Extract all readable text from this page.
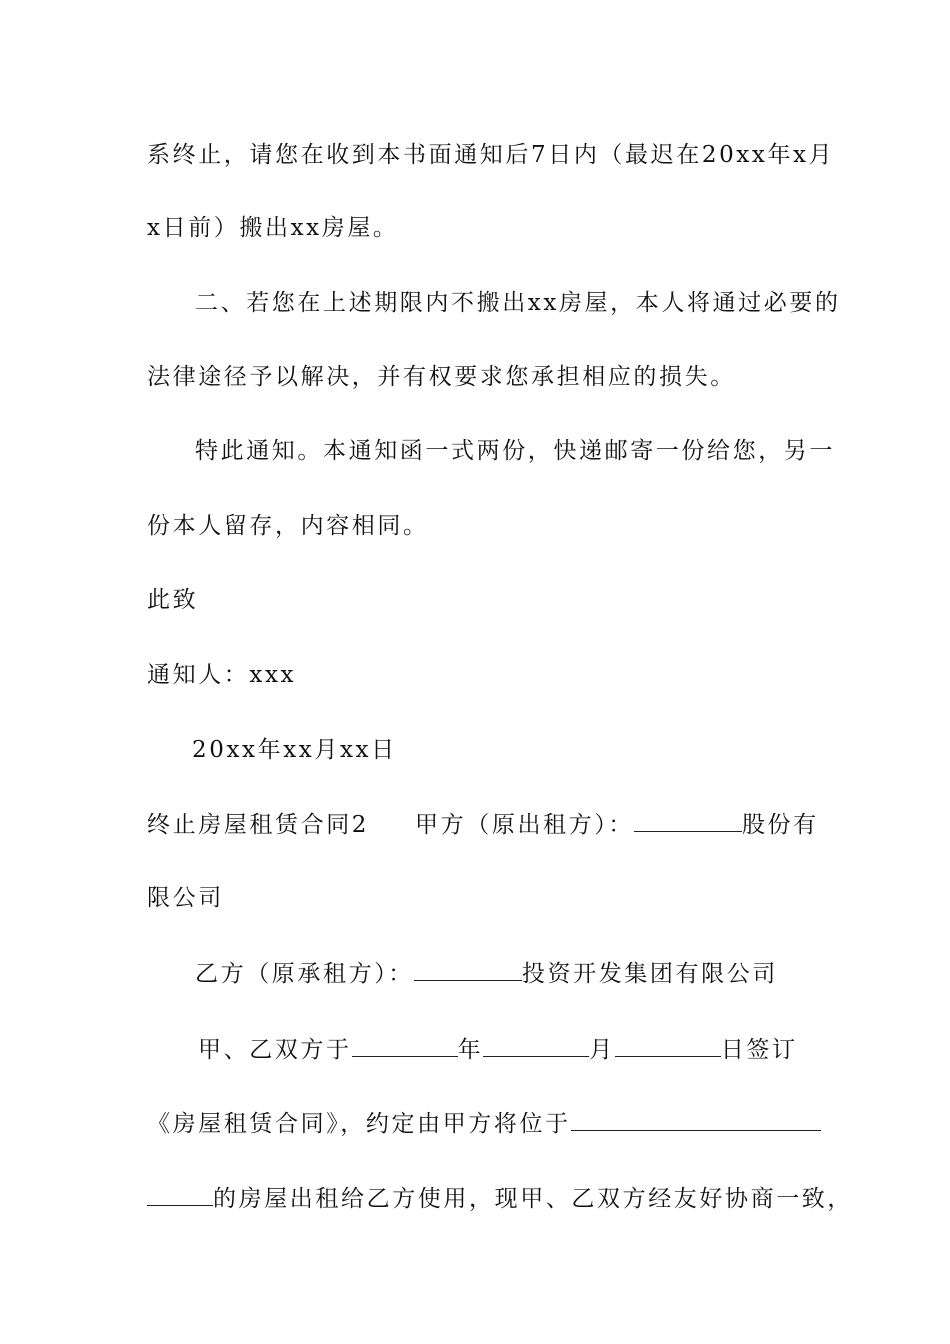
系终止，请您在收到本书面通知后7日内（最迟在20xx年x月
x日前）搬出xx房屋。
二、若您在上述期限内不搬出xx房屋，本人将通过必要的
法律途径予以解决，并有权要求您承担相应的损失。
特此通知。本通知函一式两份，快递邮寄一份给您，另一
份本人留存，内容相同。
此致
通知人：xxx
20xx年xx月xx日
终止房屋租赁合同2 甲方（原出租方）：	股份有
限公司
乙方（原承租方）：	投资开发集团有限公司
甲、乙双方于	年	月	日签订
《房屋租赁合同》，约定由甲方将位于
的房屋出租给乙方使用，现甲、乙双方经友好协商一致，
